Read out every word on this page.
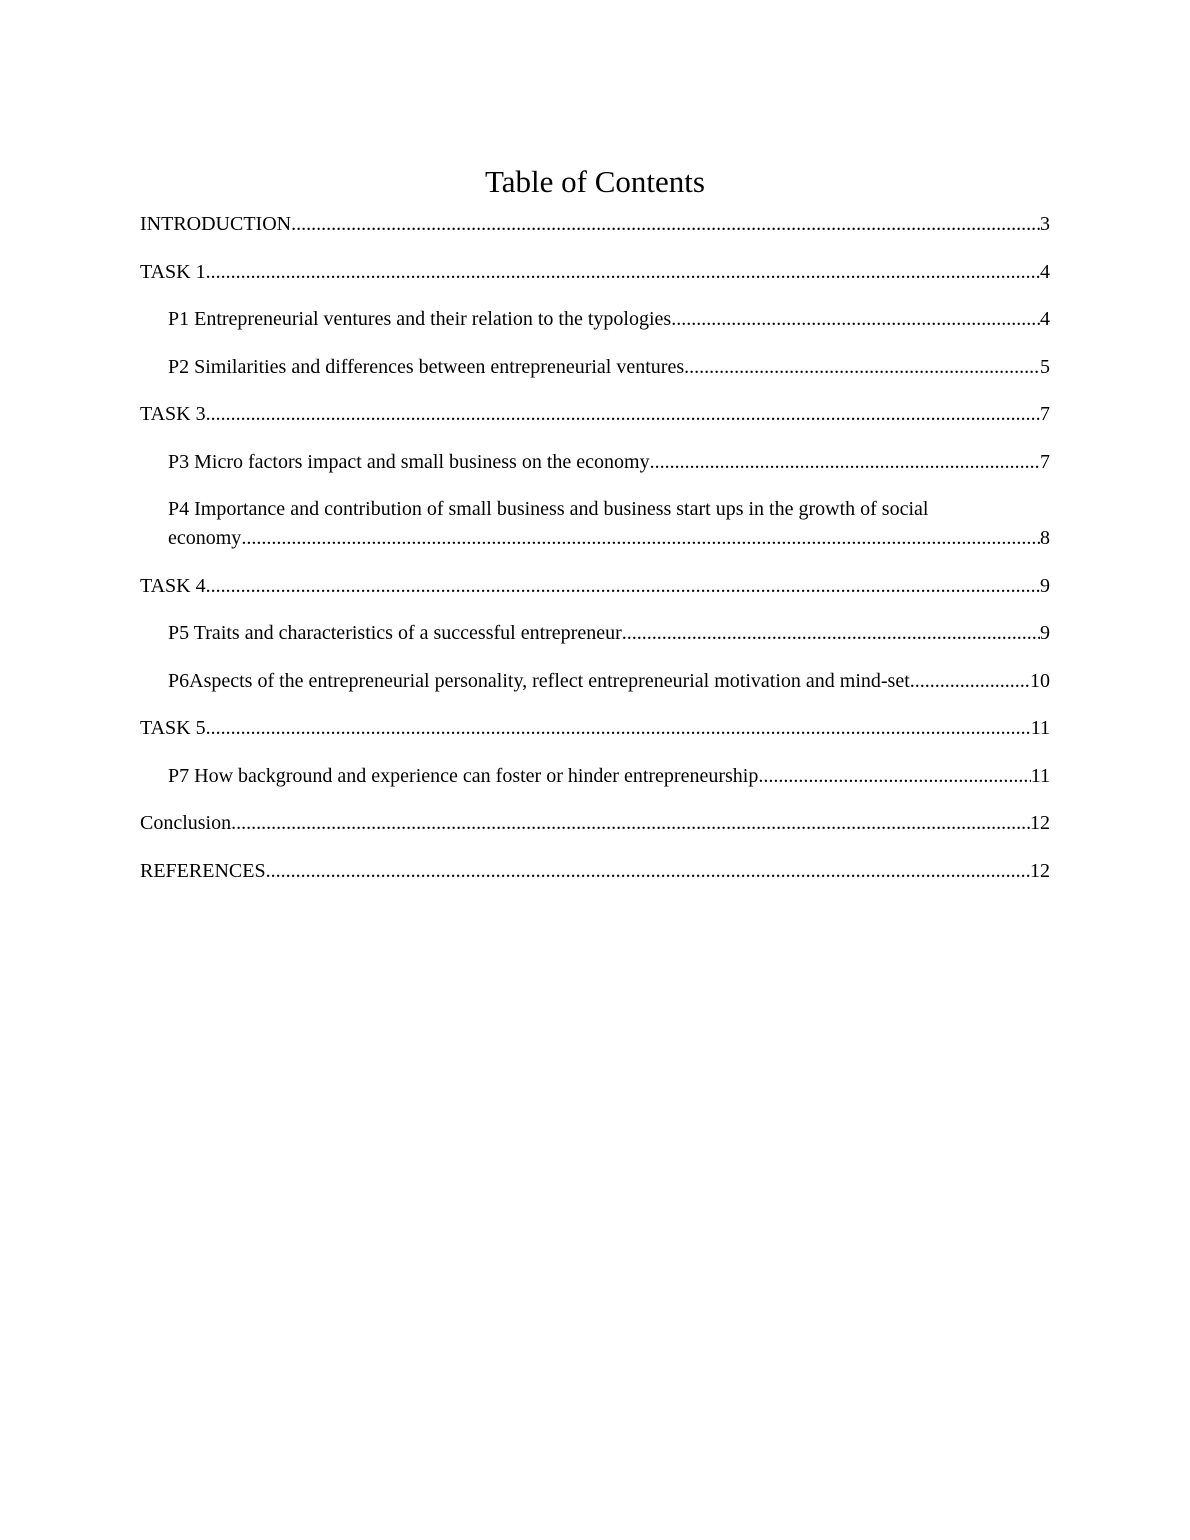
Table of Contents
INTRODUCTION .....	3
TASK 1 .....	4
P1 Entrepreneurial ventures and their relation to the typologies .....	4
P2 Similarities and differences between entrepreneurial ventures .....	5
TASK 3 .....	7
P3 Micro factors impact and small business on the economy .....	7
P4 Importance and contribution of small business and business start ups in the growth of social
economy .....	8
TASK 4 .....	9
P5 Traits and characteristics of a successful entrepreneur .....	9
P6Aspects of the entrepreneurial personality, reflect entrepreneurial motivation and mind-set .....	10
TASK 5 .....	11
P7 How background and experience can foster or hinder entrepreneurship .....	11
Conclusion .....	12
REFERENCES .....	12
